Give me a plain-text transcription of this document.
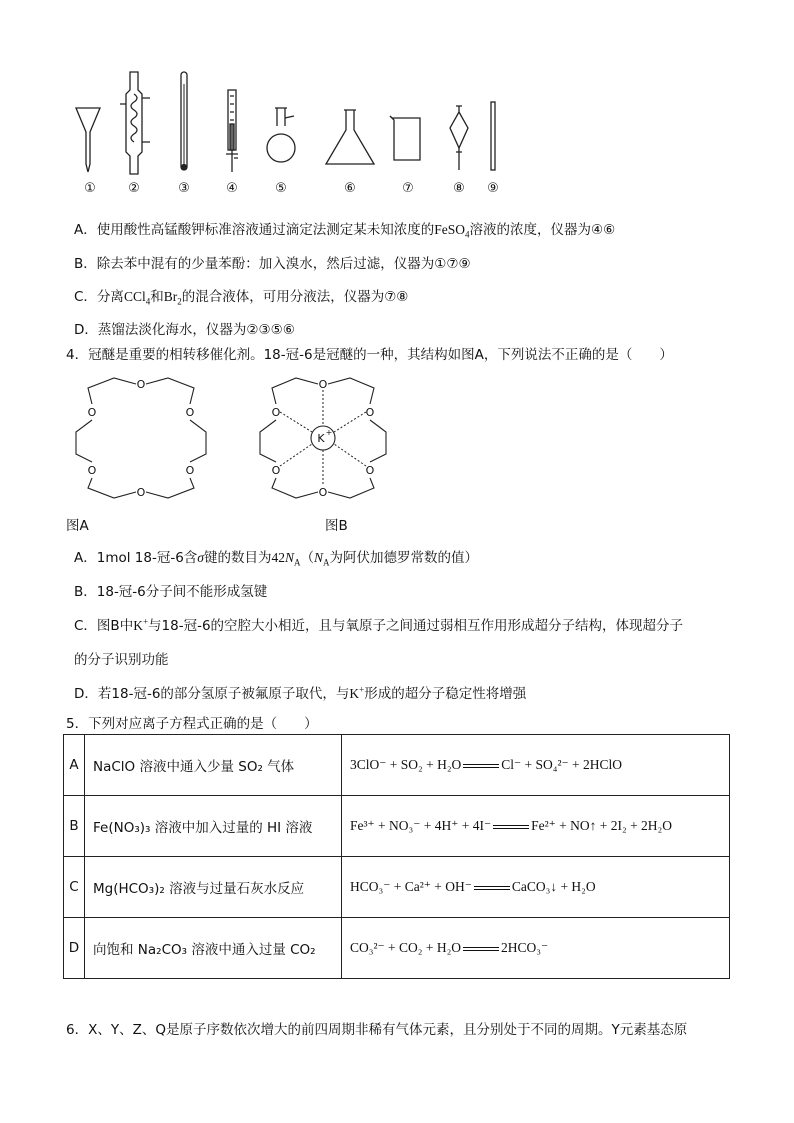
①	②	③	④	⑤	⑥	⑦	⑧	⑨
A．使用酸性高锰酸钾标准溶液通过滴定法测定某未知浓度的FeSO$_4$溶液的浓度，仪器为④⑥
B．除去苯中混有的少量苯酚：加入溴水，然后过滤，仪器为①⑦⑨
C．分离CCl$_4$和$Br_2$的混合液体，可用分液法，仪器为⑦⑧
D．蒸馏法淡化海水，仪器为②③⑤⑥
4．冠醚是重要的相转移催化剂。18-冠-6是冠醚的一种，其结构如图A，下列说法不正确的是（　　）
O
O	O
O	O
O
O
O	O
O	O
O
K +
图A	图B
A．1mol 18-冠-6含σ键的数目为$42N_A(N_A$为阿伏加德罗常数的值）
B．18-冠-6分子间不能形成氢键
C．图B中K+与18-冠-6的空腔大小相近，且与氧原子之间通过弱相互作用形成超分子结构，体现超分子
的分子识别功能
D．若18-冠-6的部分氢原子被氟原子取代，与K+形成的超分子稳定性将增强
5．下列对应离子方程式正确的是（　　）
A	NaClO 溶液中通入少量 SO₂ 气体	3ClO⁻ + SO₂ + H₂O Cl⁻ + SO₄²⁻ + 2HClO
B	Fe(NO₃)₃ 溶液中加入过量的 HI 溶液	Fe³⁺ + NO₃⁻ + 4H⁺ + 4I⁻ Fe²⁺ + NO↑ + 2I₂ + 2H₂O
C	Mg(HCO₃)₂ 溶液与过量石灰水反应	HCO₃⁻ + Ca²⁺ + OH⁻ CaCO₃↓ + H₂O
D	向饱和 Na₂CO₃ 溶液中通入过量 CO₂	CO₃²⁻ + CO₂ + H₂O 2HCO₃⁻
6．X、Y、Z、Q是原子序数依次增大的前四周期非稀有气体元素，且分别处于不同的周期。Y元素基态原
